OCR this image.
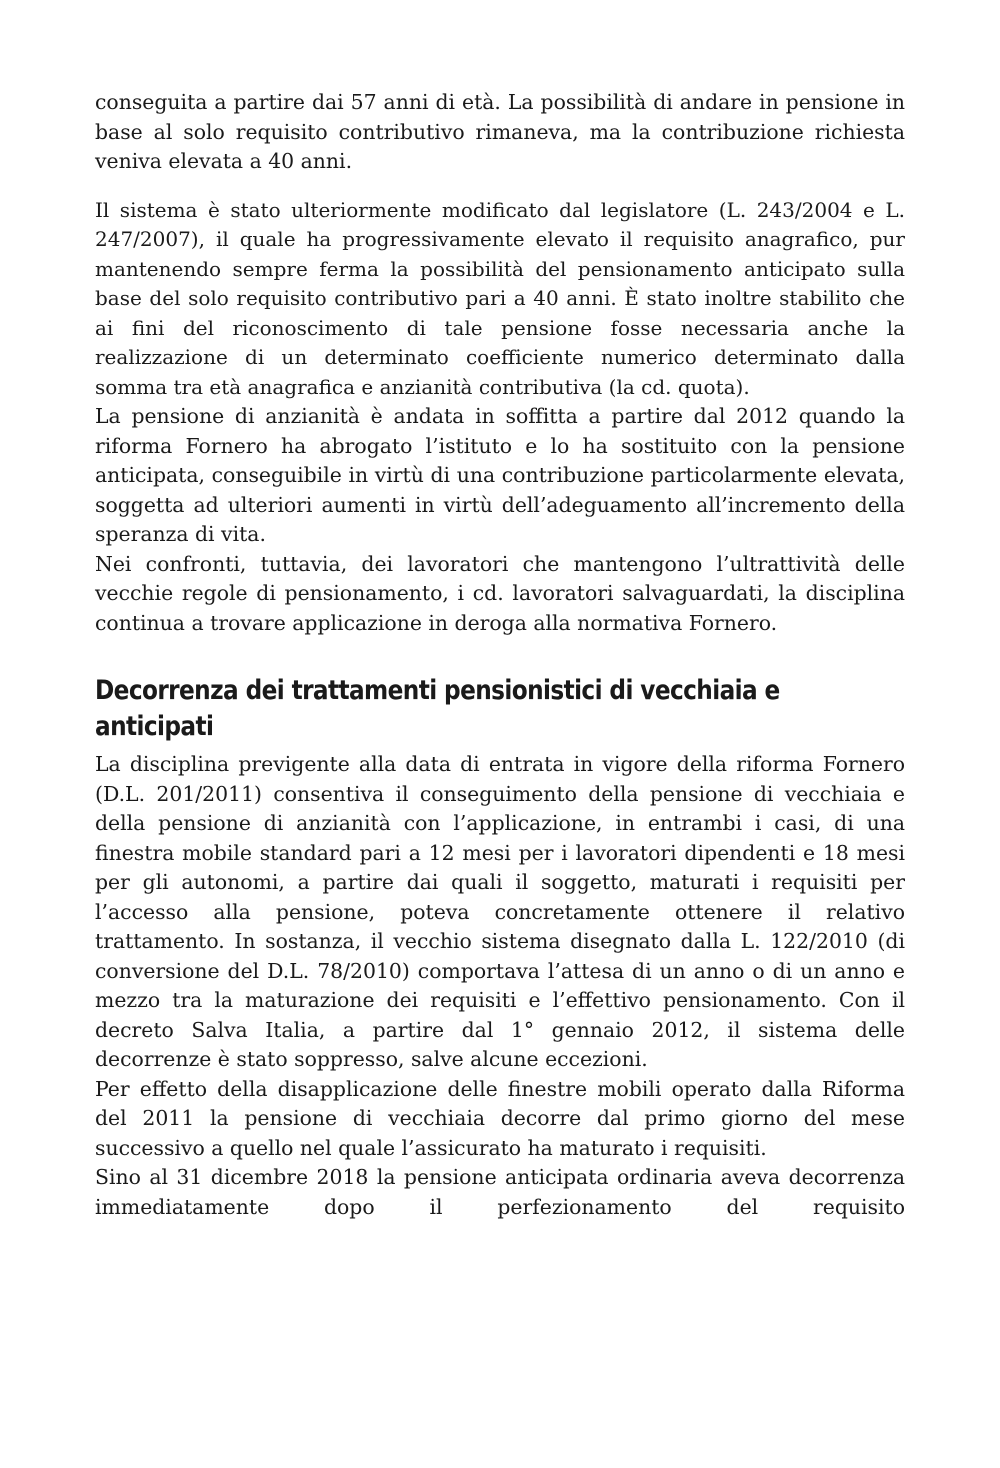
conseguita a partire dai 57 anni di età. La possibilità di andare in pensione in base al solo requisito contributivo rimaneva, ma la contribuzione richiesta veniva elevata a 40 anni.

Il sistema è stato ulteriormente modificato dal legislatore (L. 243/2004 e L. 247/2007), il quale ha progressivamente elevato il requisito anagrafico, pur mantenendo sempre ferma la possibilità del pensionamento anticipato sulla base del solo requisito contributivo pari a 40 anni. È stato inoltre stabilito che ai fini del riconoscimento di tale pensione fosse necessaria anche la realizzazione di un determinato coefficiente numerico determinato dalla somma tra età anagrafica e anzianità contributiva (la cd. quota).

La pensione di anzianità è andata in soffitta a partire dal 2012 quando la riforma Fornero ha abrogato l’istituto e lo ha sostituito con la pensione anticipata, conseguibile in virtù di una contribuzione particolarmente elevata, soggetta ad ulteriori aumenti in virtù dell’adeguamento all’incremento della speranza di vita.

Nei confronti, tuttavia, dei lavoratori che mantengono l’ultrattività delle vecchie regole di pensionamento, i cd. lavoratori salvaguardati, la disciplina continua a trovare applicazione in deroga alla normativa Fornero.

Decorrenza dei trattamenti pensionistici di vecchiaia e anticipati

La disciplina previgente alla data di entrata in vigore della riforma Fornero (D.L. 201/2011) consentiva il conseguimento della pensione di vecchiaia e della pensione di anzianità con l’applicazione, in entrambi i casi, di una finestra mobile standard pari a 12 mesi per i lavoratori dipendenti e 18 mesi per gli autonomi, a partire dai quali il soggetto, maturati i requisiti per l’accesso alla pensione, poteva concretamente ottenere il relativo trattamento. In sostanza, il vecchio sistema disegnato dalla L. 122/2010 (di conversione del D.L. 78/2010) comportava l’attesa di un anno o di un anno e mezzo tra la maturazione dei requisiti e l’effettivo pensionamento. Con il decreto Salva Italia, a partire dal 1° gennaio 2012, il sistema delle decorrenze è stato soppresso, salve alcune eccezioni.

Per effetto della disapplicazione delle finestre mobili operato dalla Riforma del 2011 la pensione di vecchiaia decorre dal primo giorno del mese successivo a quello nel quale l’assicurato ha maturato i requisiti.

Sino al 31 dicembre 2018 la pensione anticipata ordinaria aveva decorrenza immediatamente dopo il perfezionamento del requisito
